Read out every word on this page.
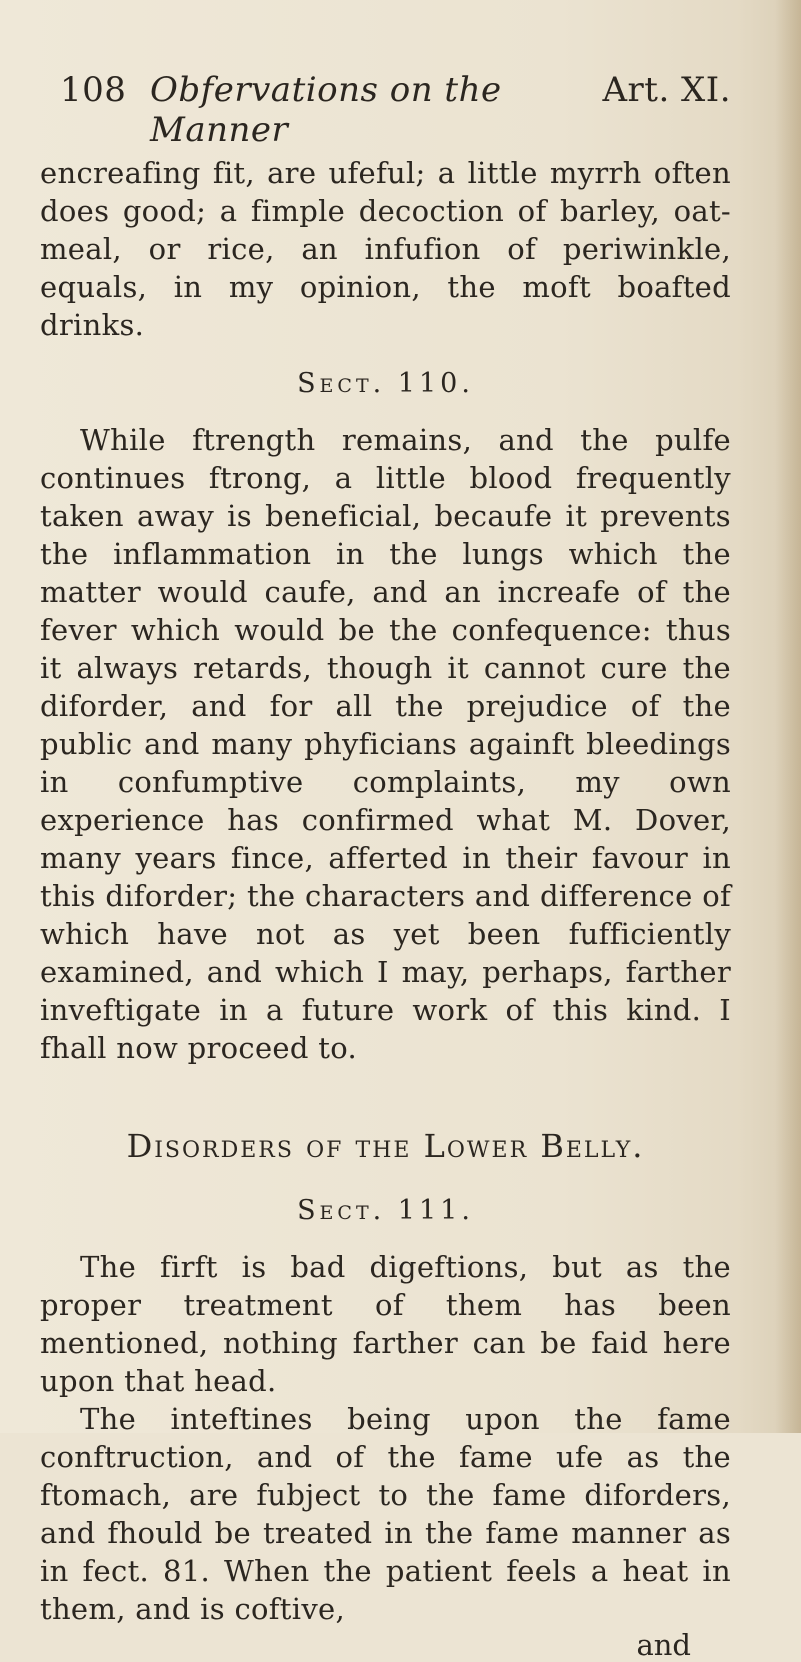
108 Obfervations on the Manner
Art. XI.

encreafing fit, are ufeful; a little myrrh often does good; a fimple decoction of barley, oat-meal, or rice, an infufion of periwinkle, equals, in my opinion, the moft boafted drinks.

Sect. 110.

While ftrength remains, and the pulfe continues ftrong, a little blood frequently taken away is beneficial, becaufe it prevents the inflammation in the lungs which the matter would caufe, and an increafe of the fever which would be the confequence: thus it always retards, though it cannot cure the diforder, and for all the prejudice of the public and many phyficians againft bleedings in confumptive complaints, my own experience has confirmed what M. Dover, many years fince, afferted in their favour in this diforder; the characters and difference of which have not as yet been fufficiently examined, and which I may, perhaps, farther inveftigate in a future work of this kind. I fhall now proceed to.

Disorders of the Lower Belly.
Sect. 111.

The firft is bad digeftions, but as the proper treatment of them has been mentioned, nothing farther can be faid here upon that head.

The inteftines being upon the fame conftruction, and of the fame ufe as the ftomach, are fubject to the fame diforders, and fhould be treated in the fame manner as in fect. 81. When the patient feels a heat in them, and is coftive,

and
